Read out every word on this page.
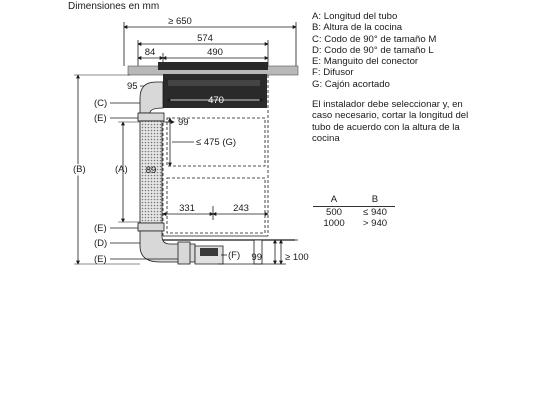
Dimensiones en mm
≥ 650
574
84	490
470
95
99
≤ 475 (G)
89
331	243
99 ≥ 100
(C)
(E)
(A)
(B)
(E)
(D)
(E)	(F)
A: Longitud del tubo
B: Altura de la cocina
C: Codo de 90° de tamaño M
D: Codo de 90° de tamaño L
E: Manguito del conector
F: Difusor
G: Cajón acortado
El instalador debe seleccionar y, en caso necesario, cortar la longitud del tubo de acuerdo con la altura de la cocina
A	B
500	≤ 940
1000	> 940
